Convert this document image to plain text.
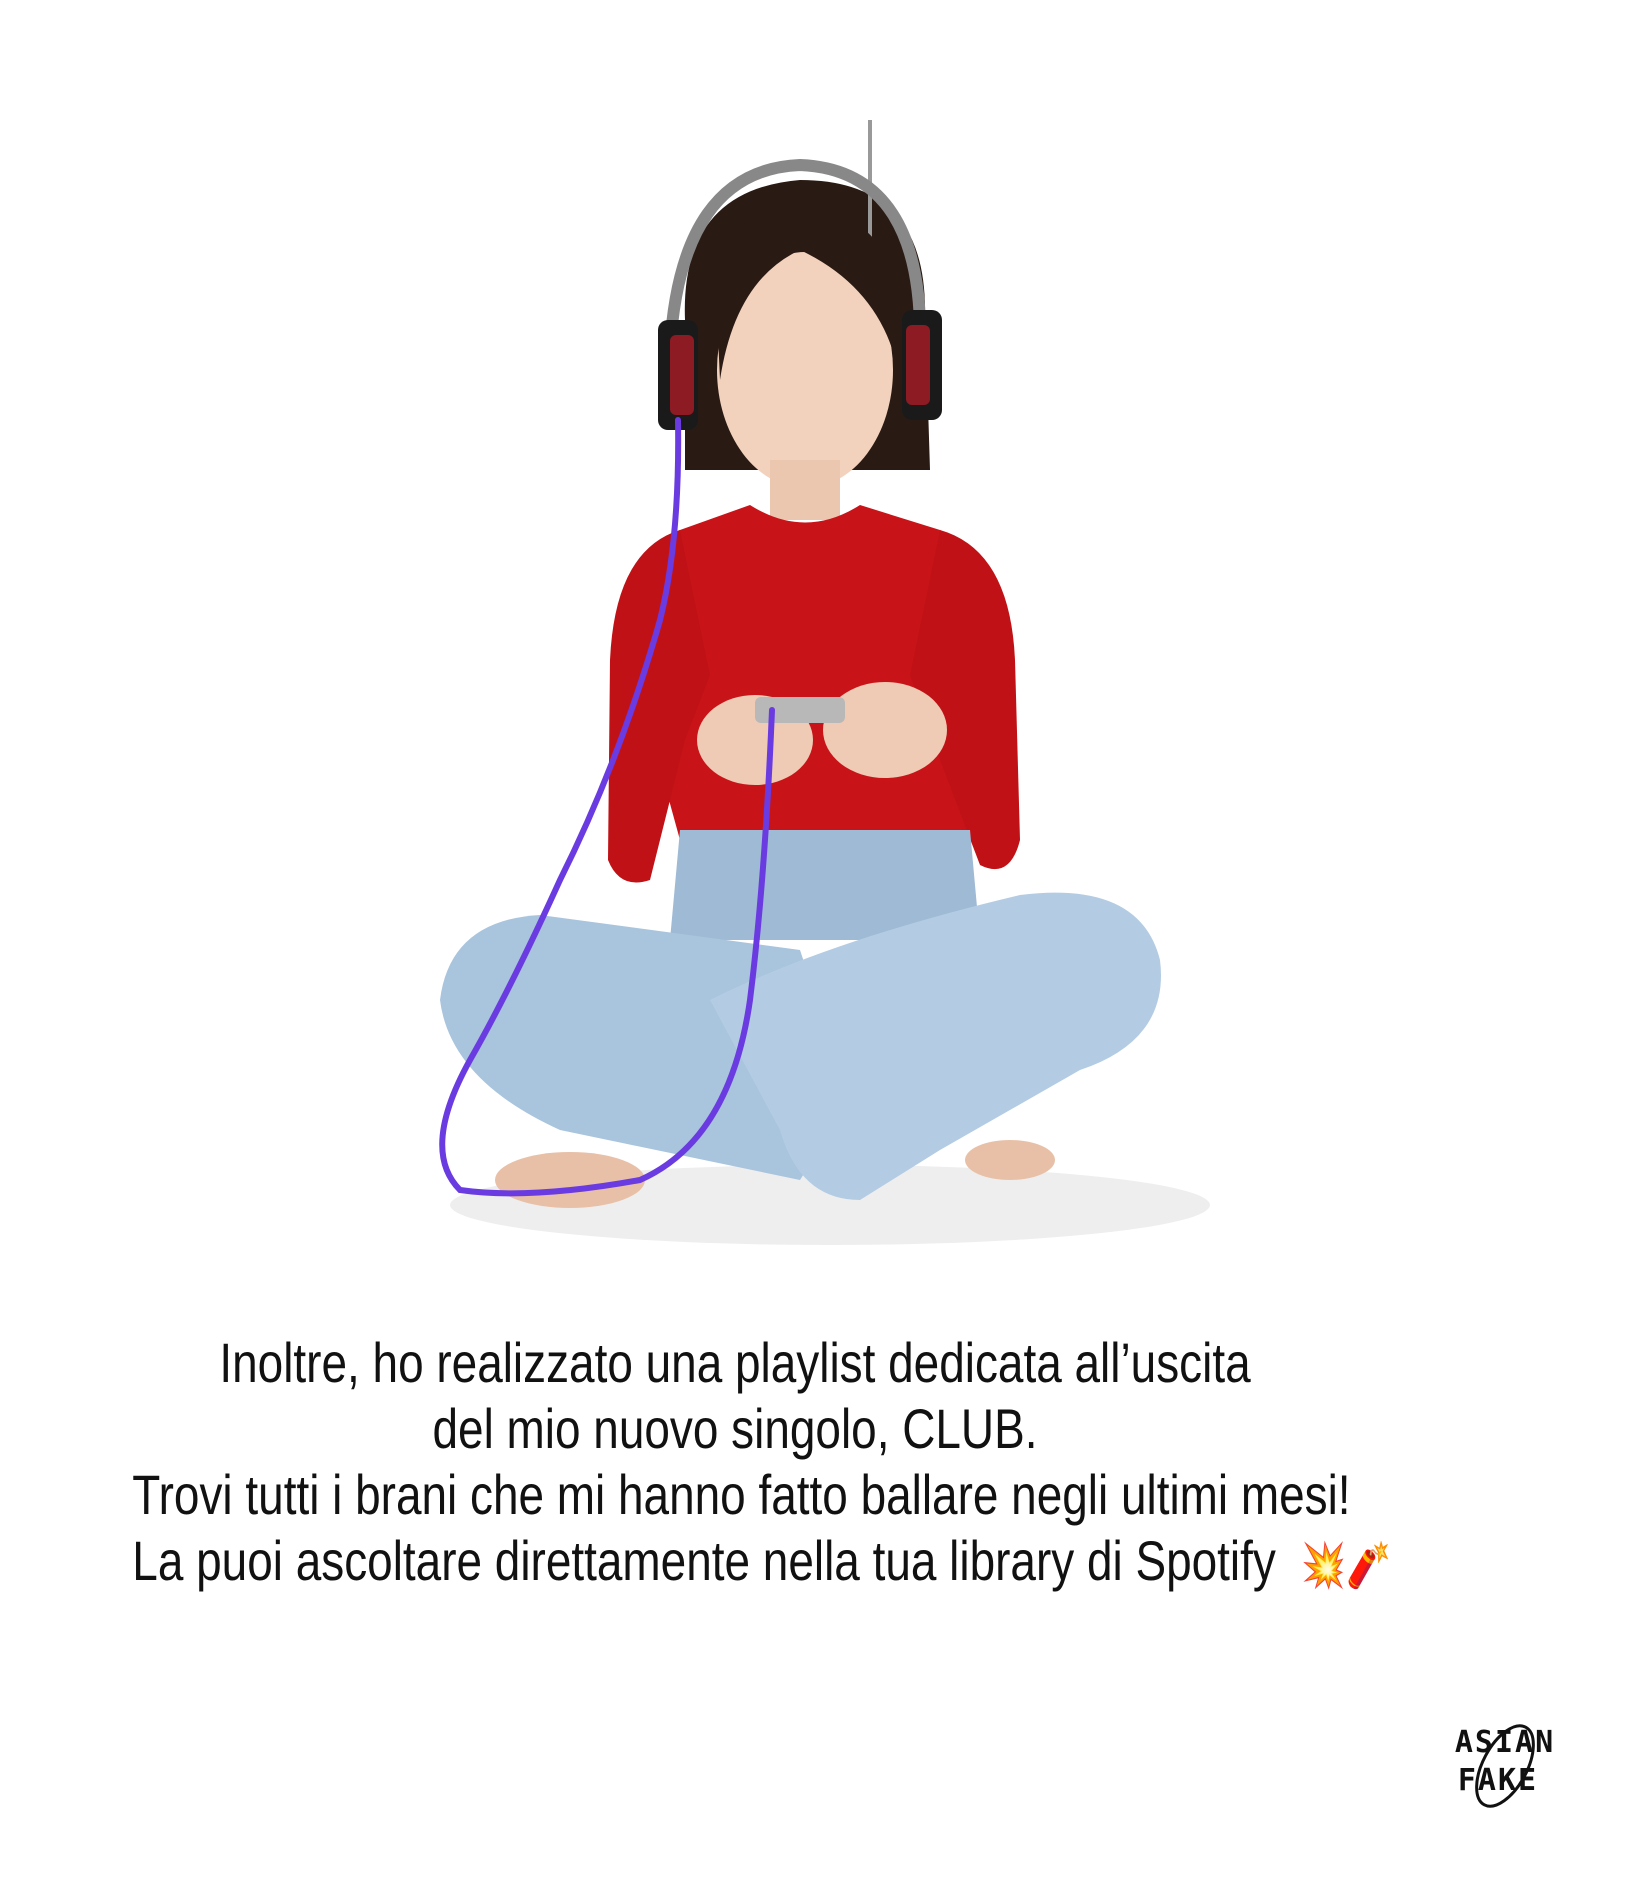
Inoltre, ho realizzato una playlist dedicata all’uscita
del mio nuovo singolo, CLUB.
Trovi tutti i brani che mi hanno fatto ballare negli ultimi mesi!
La puoi ascoltare direttamente nella tua library di Spotify 💥🧨
ASIAN
FAKE
